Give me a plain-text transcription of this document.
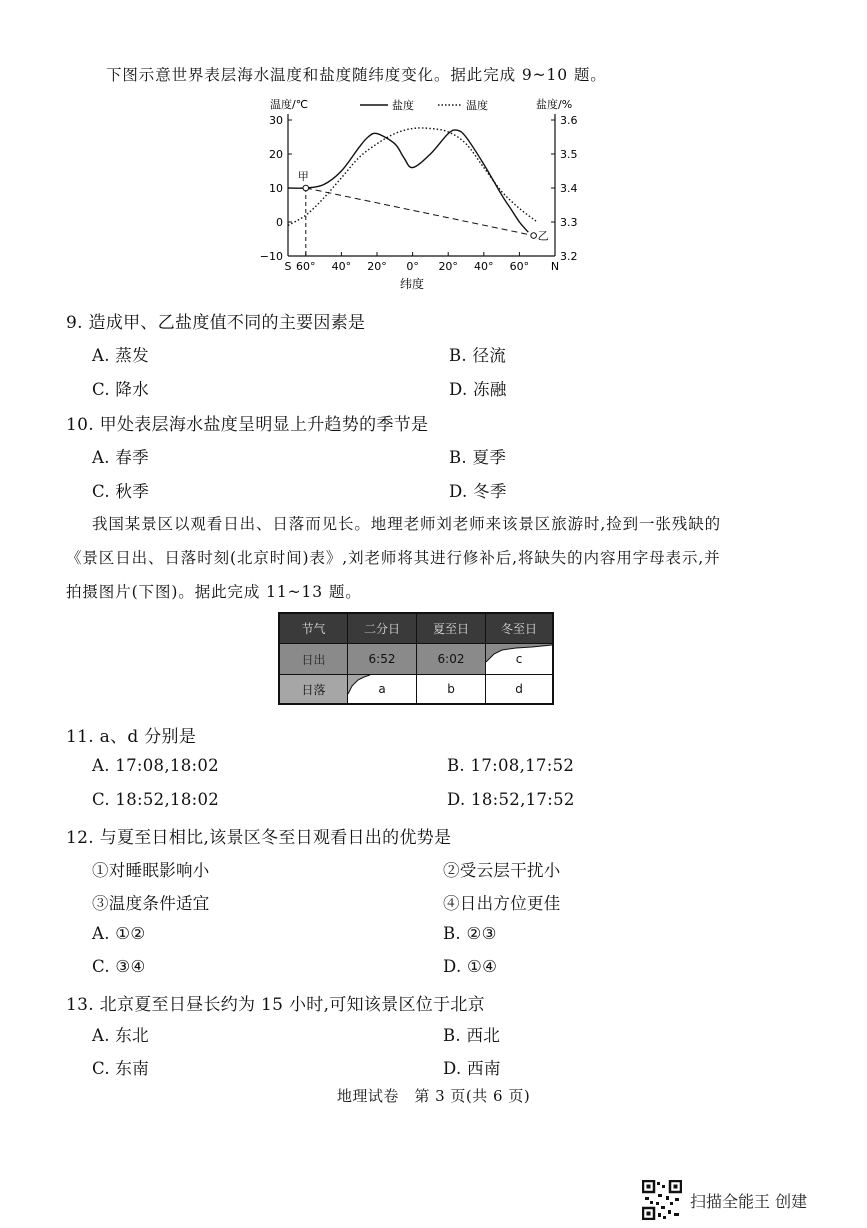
下图示意世界表层海水温度和盐度随纬度变化。据此完成 9~10 题。
30
20
10
0
−10
3.6
3.5
3.4
3.3
3.2
S 60° 40° 20° 0° 20° 40° 60° N
甲
乙
温度/℃	盐度/%
盐度	温度
纬度
9. 造成甲、乙盐度值不同的主要因素是
A. 蒸发	B. 径流
C. 降水	D. 冻融
10. 甲处表层海水盐度呈明显上升趋势的季节是
A. 春季	B. 夏季
C. 秋季	D. 冬季
我国某景区以观看日出、日落而见长。地理老师刘老师来该景区旅游时,捡到一张残缺的
《景区日出、日落时刻(北京时间)表》,刘老师将其进行修补后,将缺失的内容用字母表示,并
拍摄图片(下图)。据此完成 11~13 题。
节气	二分日	夏至日	冬至日
日出	6:52	6:02	c
日落	a	b	d
11. a、d 分别是
A. 17:08,18:02	B. 17:08,17:52
C. 18:52,18:02	D. 18:52,17:52
12. 与夏至日相比,该景区冬至日观看日出的优势是
①对睡眠影响小	②受云层干扰小
③温度条件适宜	④日出方位更佳
A. ①②	B. ②③
C. ③④	D. ①④
13. 北京夏至日昼长约为 15 小时,可知该景区位于北京
A. 东北	B. 西北
C. 东南	D. 西南
地理试卷　第 3 页(共 6 页)
扫描全能王 创建
